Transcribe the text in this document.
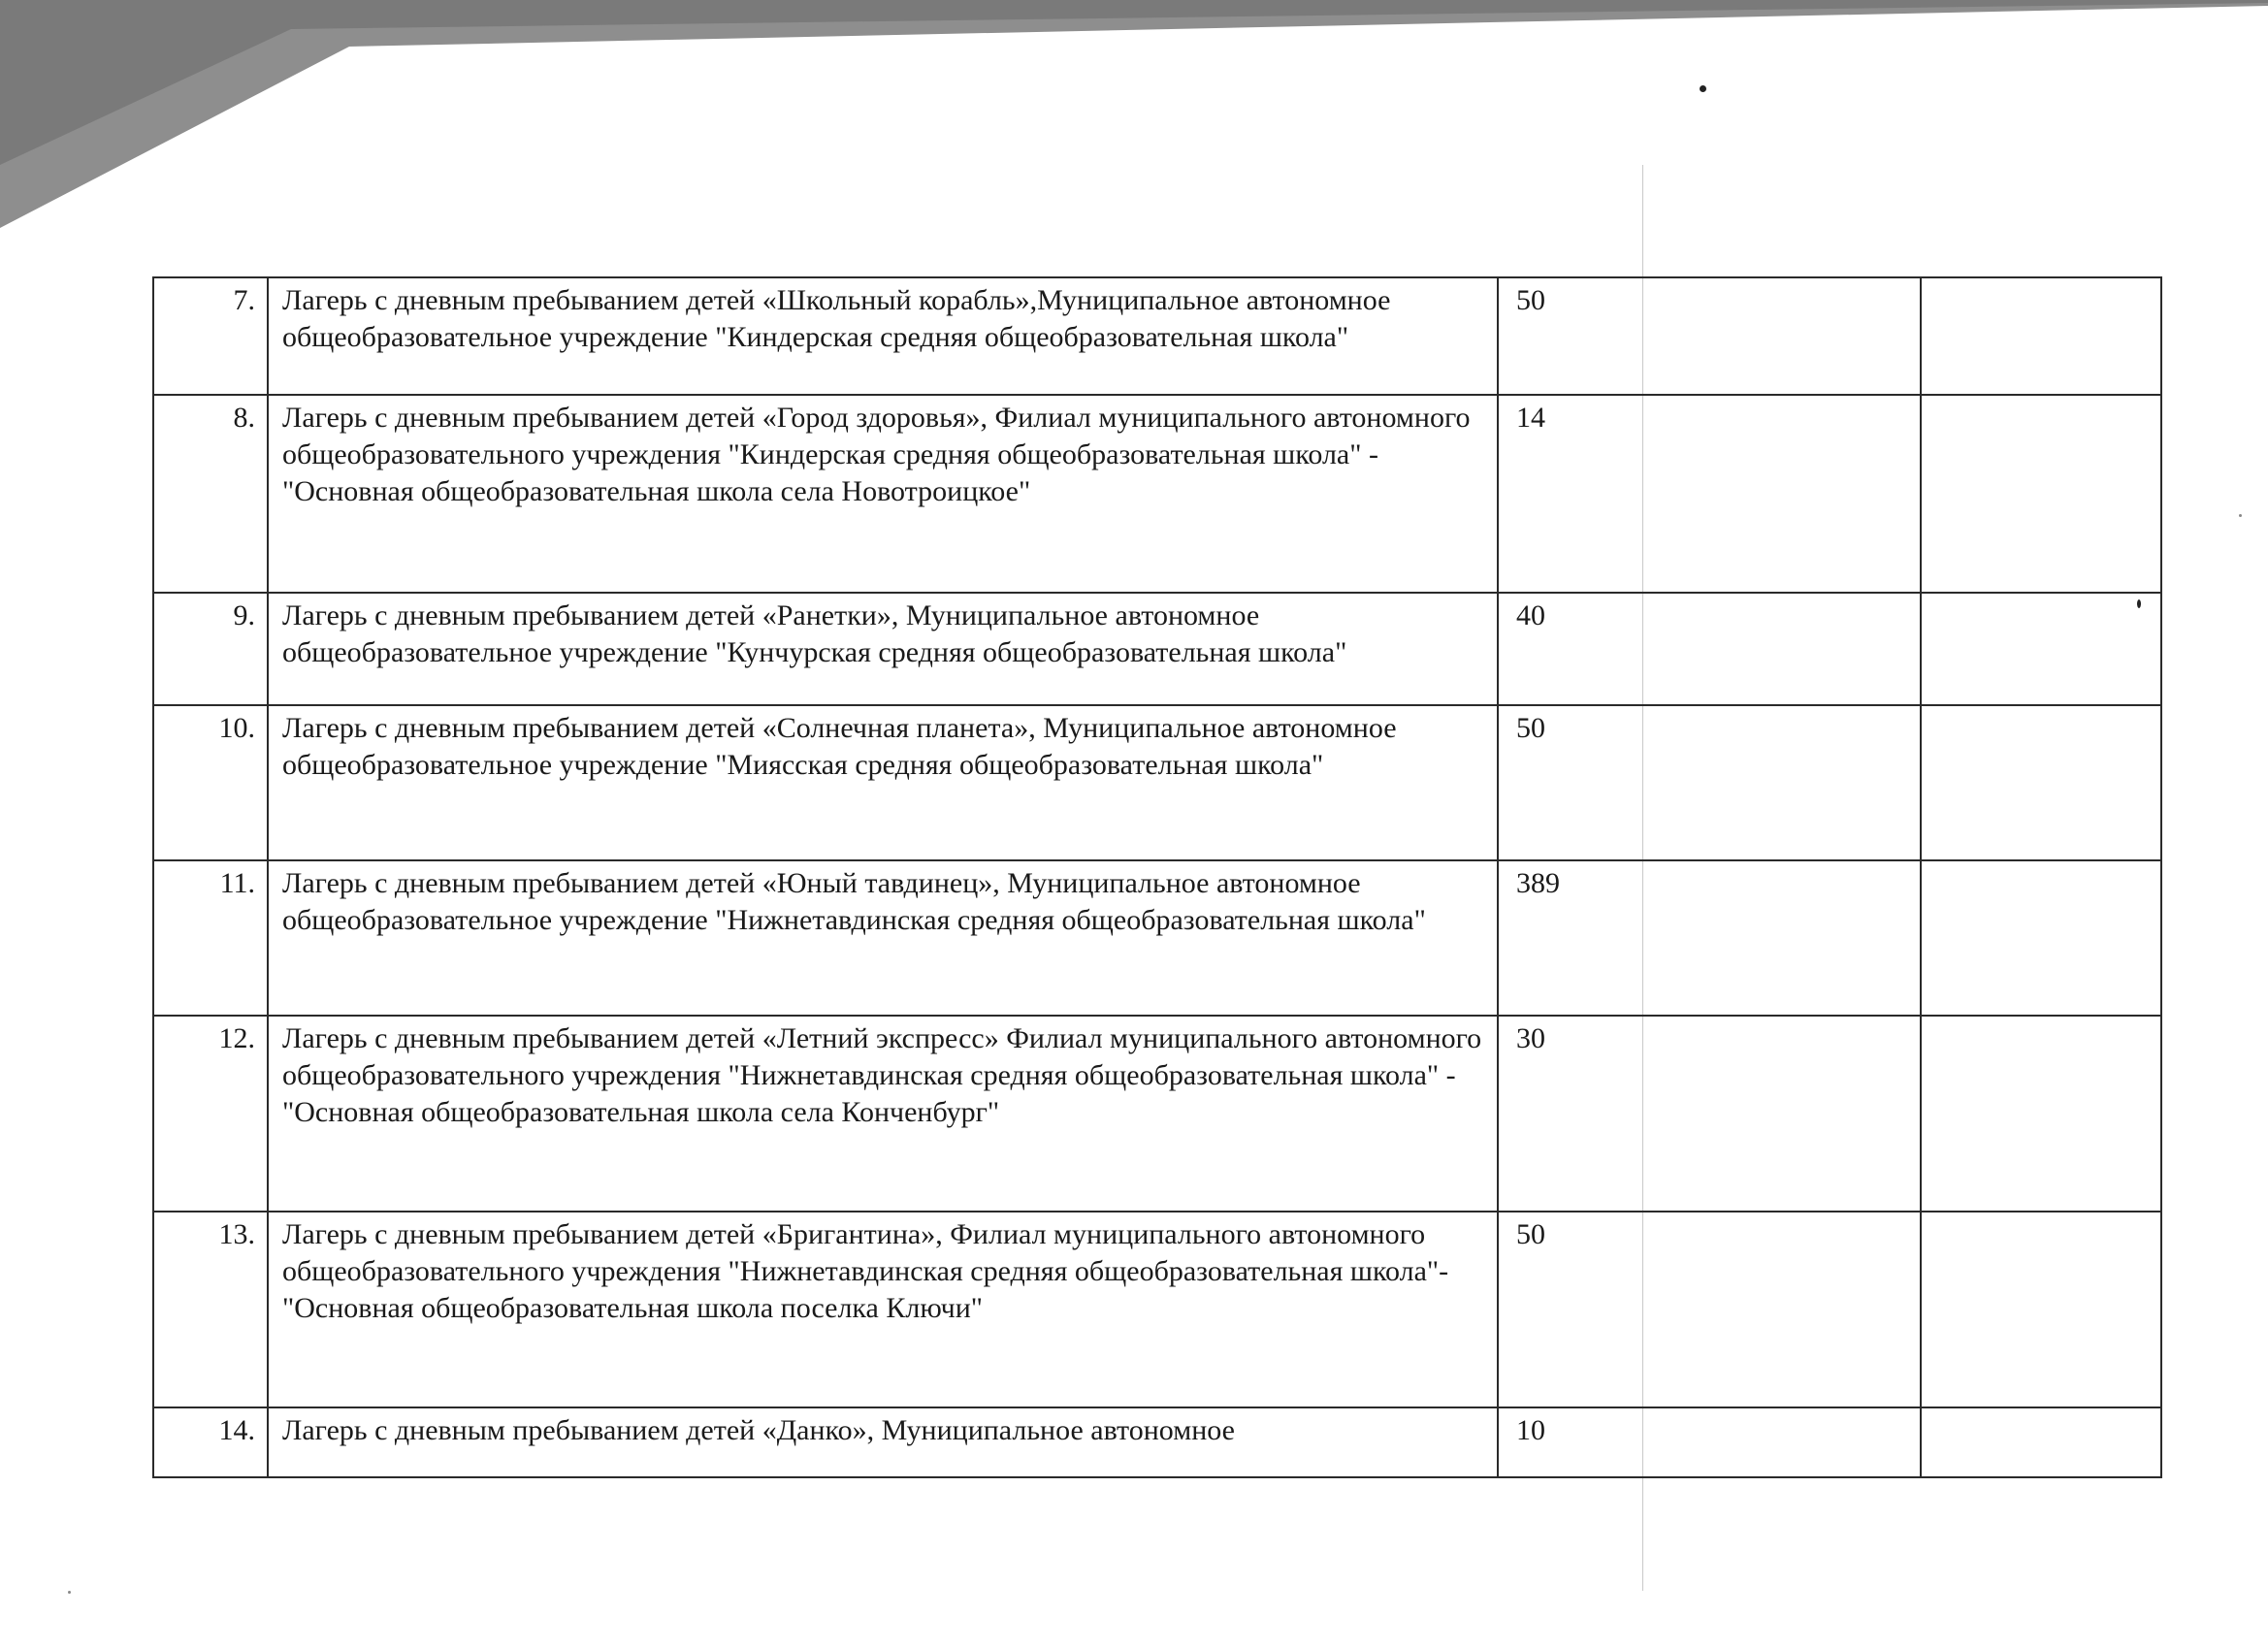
7.	Лагерь с дневным пребыванием детей «Школьный корабль»,Муниципальное автономное общеобразовательное учреждение "Киндерская средняя общеобразовательная школа"	50	
8.	Лагерь с дневным пребыванием детей «Город здоровья», Филиал муниципального автономного общеобразовательного учреждения "Киндерская средняя общеобразовательная школа" -"Основная общеобразовательная школа села Новотроицкое"	14	
9.	Лагерь с дневным пребыванием детей «Ранетки», Муниципальное автономное общеобразовательное учреждение "Кунчурская средняя общеобразовательная школа"	40	
10.	Лагерь с дневным пребыванием детей «Солнечная планета», Муниципальное автономное общеобразовательное учреждение "Миясская средняя общеобразовательная школа"	50	
11.	Лагерь с дневным пребыванием детей «Юный тавдинец», Муниципальное автономное общеобразовательное учреждение "Нижнетавдинская средняя общеобразовательная школа"	389	
12.	Лагерь с дневным пребыванием детей «Летний экспресс» Филиал муниципального автономного общеобразовательного учреждения "Нижнетавдинская средняя общеобразовательная школа" - "Основная общеобразовательная школа села Конченбург"	30	
13.	Лагерь с дневным пребыванием детей «Бригантина», Филиал муниципального автономного общеобразовательного учреждения "Нижнетавдинская средняя общеобразовательная школа"- "Основная общеобразовательная школа поселка Ключи"	50	
14.	Лагерь с дневным пребыванием детей «Данко», Муниципальное автономное	10	
